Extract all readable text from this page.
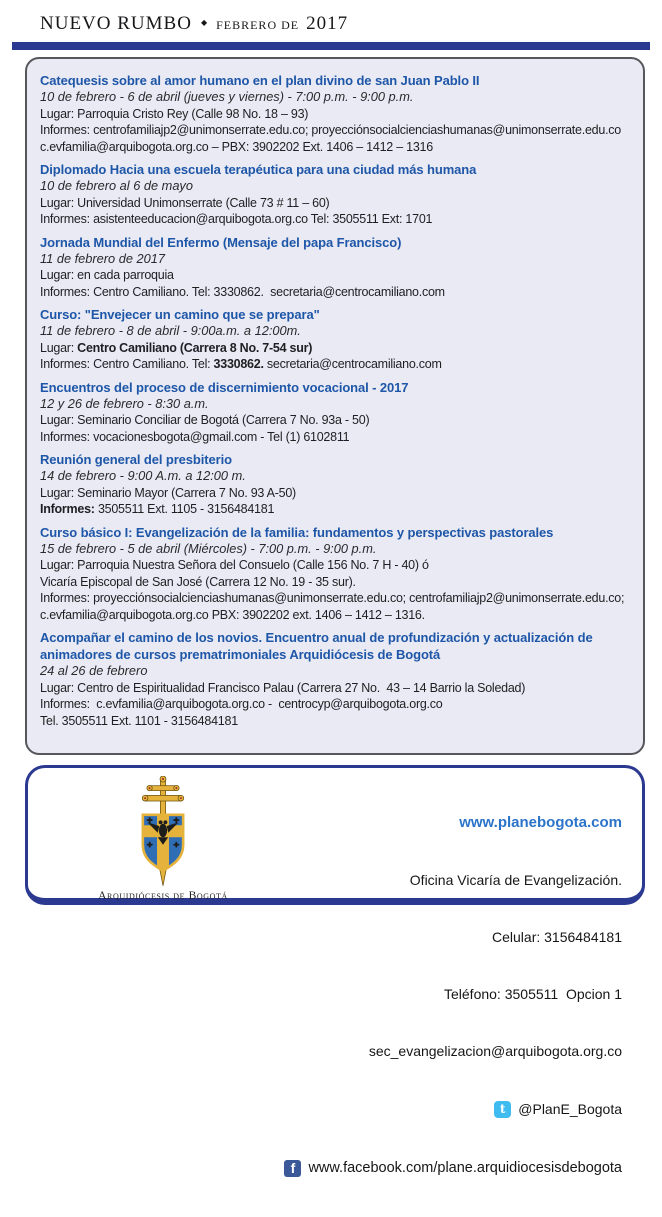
NUEVO RUMBO ◆ FEBRERO DE 2017
Catequesis sobre al amor humano en el plan divino de san Juan Pablo II

10 de febrero - 6 de abril (jueves y viernes) - 7:00 p.m. - 9:00 p.m.

Lugar: Parroquia Cristo Rey (Calle 98 No. 18 – 93)

Informes: centrofamiliajp2@unimonserrate.edu.co; proyecciónsocialcienciashumanas@unimonserrate.edu.co

c.evfamilia@arquibogota.org.co – PBX: 3902202 Ext. 1406 – 1412 – 1316

Diplomado Hacia una escuela terapéutica para una ciudad más humana

10 de febrero al 6 de mayo

Lugar: Universidad Unimonserrate (Calle 73 # 11 – 60)

Informes: asistenteeducacion@arquibogota.org.co Tel: 3505511 Ext: 1701

Jornada Mundial del Enfermo (Mensaje del papa Francisco)

11 de febrero de 2017

Lugar: en cada parroquia

Informes: Centro Camiliano. Tel: 3330862.  secretaria@centrocamiliano.com

Curso: "Envejecer un camino que se prepara"

11 de febrero - 8 de abril - 9:00a.m. a 12:00m.

Lugar: Centro Camiliano (Carrera 8 No. 7-54 sur)

Informes: Centro Camiliano. Tel: 3330862. secretaria@centrocamiliano.com

Encuentros del proceso de discernimiento vocacional - 2017

12 y 26 de febrero - 8:30 a.m.

Lugar: Seminario Conciliar de Bogotá (Carrera 7 No. 93a - 50)

Informes: vocacionesbogota@gmail.com - Tel (1) 6102811

Reunión general del presbiterio

14 de febrero - 9:00 A.m. a 12:00 m.

Lugar: Seminario Mayor (Carrera 7 No. 93 A-50)

Informes: 3505511 Ext. 1105 - 3156484181

Curso básico I: Evangelización de la familia: fundamentos y perspectivas pastorales

15 de febrero - 5 de abril (Miércoles) - 7:00 p.m. - 9:00 p.m.

Lugar: Parroquia Nuestra Señora del Consuelo (Calle 156 No. 7 H - 40) ó

Vicaría Episcopal de San José (Carrera 12 No. 19 - 35 sur).

Informes: proyecciónsocialcienciashumanas@unimonserrate.edu.co; centrofamiliajp2@unimonserrate.edu.co;

c.evfamilia@arquibogota.org.co PBX: 3902202 ext. 1406 – 1412 – 1316.

Acompañar el camino de los novios. Encuentro anual de profundización y actualización de animadores de cursos prematrimoniales Arquidiócesis de Bogotá

24 al 26 de febrero

Lugar: Centro de Espiritualidad Francisco Palau (Carrera 27 No.  43 – 14 Barrio la Soledad)

Informes:  c.evfamilia@arquibogota.org.co -  centrocyp@arquibogota.org.co

Tel. 3505511 Ext. 1101 - 3156484181

Arquidiócesis de Bogotá

www.planebogota.com

Oficina Vicaría de Evangelización.

Celular: 3156484181

Teléfono: 3505511  Opcion 1

sec_evangelizacion@arquibogota.org.co

t @PlanE_Bogota

f www.facebook.com/plane.arquidiocesisdebogota
